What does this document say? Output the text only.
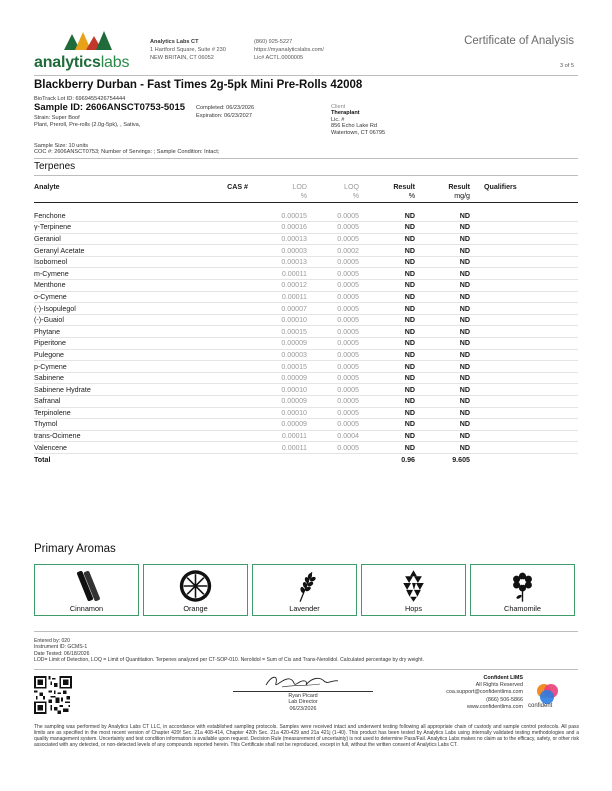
analyticslabs
Analytics Labs CT
1 Hartford Square, Suite # 230
NEW BRITAIN, CT 06052
(860) 925-5227
https://myanalyticslabs.com/
Lic# ACTL.0000005
Certificate of Analysis
3 of 5
Blackberry Durban - Fast Times 2g-5pk Mini Pre-Rolls 42008
BioTrack Lot ID: 6969455426754444
Sample ID: 2606ANSCT0753-5015
Strain: Super Boof
Plant, Preroll, Pre-rolls (2.0g-5pk), , Sativa,
Completed: 06/23/2026
Expiration: 06/23/2027
Client
Theraplant
Lic. #
856 Echo Lake Rd
Watertown, CT 06795
Sample Size: 10 units
COC #: 2606ANSCT0753; Number of Servings: ; Sample Condition: Intact;
Terpenes
Analyte	CAS #	LOD	LOQ	Result	Result	Qualifiers
		%	%	%	mg/g	

Fenchone		0.00015	0.0005	ND	ND	
γ-Terpinene		0.00016	0.0005	ND	ND	
Geraniol		0.00013	0.0005	ND	ND	
Geranyl Acetate		0.00003	0.0002	ND	ND	
Isoborneol		0.00013	0.0005	ND	ND	
m-Cymene		0.00011	0.0005	ND	ND	
Menthone		0.00012	0.0005	ND	ND	
o-Cymene		0.00011	0.0005	ND	ND	
(-)-Isopulegol		0.00007	0.0005	ND	ND	
(-)-Guaiol		0.00010	0.0005	ND	ND	
Phytane		0.00015	0.0005	ND	ND	
Piperitone		0.00009	0.0005	ND	ND	
Pulegone		0.00003	0.0005	ND	ND	
p-Cymene		0.00015	0.0005	ND	ND	
Sabinene		0.00009	0.0005	ND	ND	
Sabinene Hydrate		0.00010	0.0005	ND	ND	
Safranal		0.00009	0.0005	ND	ND	
Terpinolene		0.00010	0.0005	ND	ND	
Thymol		0.00009	0.0005	ND	ND	
trans-Ocimene		0.00011	0.0004	ND	ND	
Valencene		0.00011	0.0005	ND	ND	
Total				0.96	9.605	
Primary Aromas
Cinnamon	Orange	Lavender	Hops	Chamomile
Entered by: 020
Instrument ID: GCMS-1
Date Tested: 06/18/2026
LOD= Limit of Detection, LOQ = Limit of Quantitation. Terpenes analyzed per CT-SOP-010. Nerolidol = Sum of Cis and Trans-Nerolidol. Calculated percentage by dry weight.
Ryan Picard
Lab Director
06/23/2026
Confident LIMS
All Rights Reserved
coa.support@confidentlims.com
(866) 506-5866
www.confidentlims.com confident
The sampling was performed by Analytics Labs CT LLC, in accordance with established sampling protocols. Samples were received intact and underwent testing following all appropriate chain of custody and sample control protocols. All pass limits are as specified in the most recent version of Chapter 420f Sec. 21a 408-414, Chapter 420h Sec. 21a 420-429 and 21a 421j (1-40). This product has been tested by Analytics Labs using internally validated testing methodologies and a quality management system. Uncertainty and test condition information is available upon request. Decision Rule (measurement of uncertainty) is not used to determine Pass/Fail. Analytics Labs makes no claim as to the efficacy, safety, or other risk associated with any detected, or non-detected levels of any compounds reported herein. This Certificate shall not be reproduced, except in full, without the written consent of Analytics Labs CT.
